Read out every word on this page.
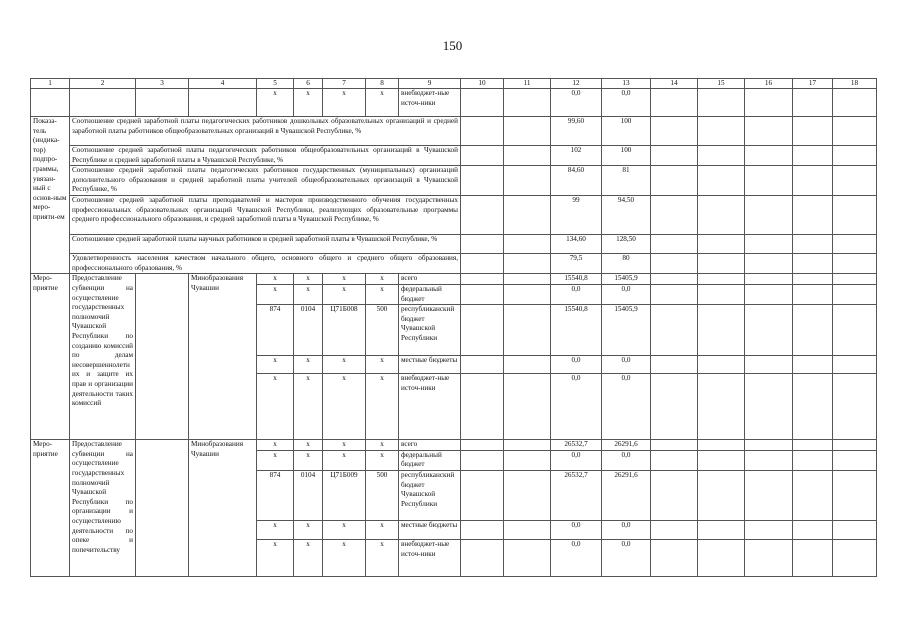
150
1	2	3	4	5	6	7	8	9	10	11	12	13	14	15	16	17	18
				x	x	x	x	внебюджет-ные источ-ники			0,0	0,0					
Показа-тель (индика-тор) подпро-граммы, увязан-ный с основ-ным меро-прияти-ем	Соотношение средней заработной платы педагогических работников дошкольных образовательных организаций и средней заработной платы работников общеобразовательных организаций в Чувашской Республике, %										99,60	100					
	Соотношение средней заработной платы педагогических работников общеобразовательных организаций в Чувашской Республике и средней заработной платы в Чувашской Республике, %										102	100					
	Соотношение средней заработной платы педагогических работников государственных (муниципальных) организаций дополнительного образования и средней заработной платы учителей общеобразовательных организаций в Чувашской Республике, %										84,60	81					
	Соотношение средней заработной платы преподавателей и мастеров производственного обучения государственных профессиональных образовательных организаций Чувашской Республики, реализующих образовательные программы среднего профессионального образования, и средней заработной платы в Чувашской Республике, %										99	94,50					
	Соотношение средней заработной платы научных работников и средней заработной платы в Чувашской Республике, %										134,60	128,50					
	Удовлетворенность населения качеством начального общего, основного общего и среднего общего образования, профессионального образования, %										79,5	80					
Меро-приятие	Предоставление субвенции на осуществление государственных полномочий Чувашской Республики по созданию комиссий по делам несовершеннолетних и защите их прав и организации деятельности таких комиссий		Минобразования Чувашии	x	x	x	x	всего			15540,8	15405,9					
				x	x	x	x	федеральный бюджет			0,0	0,0					
				874	0104	Ц71Б008	500	республиканский бюджет Чувашской Республики			15540,8	15405,9					
				x	x	x	x	местные бюджеты			0,0	0,0					
				x	x	x	x	внебюджет-ные источ-ники			0,0	0,0					
Меро-приятие	Предоставление субвенции на осуществление государственных полномочий Чувашской Республики по организации и осуществлению деятельности по опеке и попечительству		Минобразования Чувашии	x	x	x	x	всего			26532,7	26291,6					
				x	x	x	x	федеральный бюджет			0,0	0,0					
				874	0104	Ц71Б009	500	республиканский бюджет Чувашской Республики			26532,7	26291,6					
				x	x	x	x	местные бюджеты			0,0	0,0					
				x	x	x	x	внебюджет-ные источ-ники			0,0	0,0					
